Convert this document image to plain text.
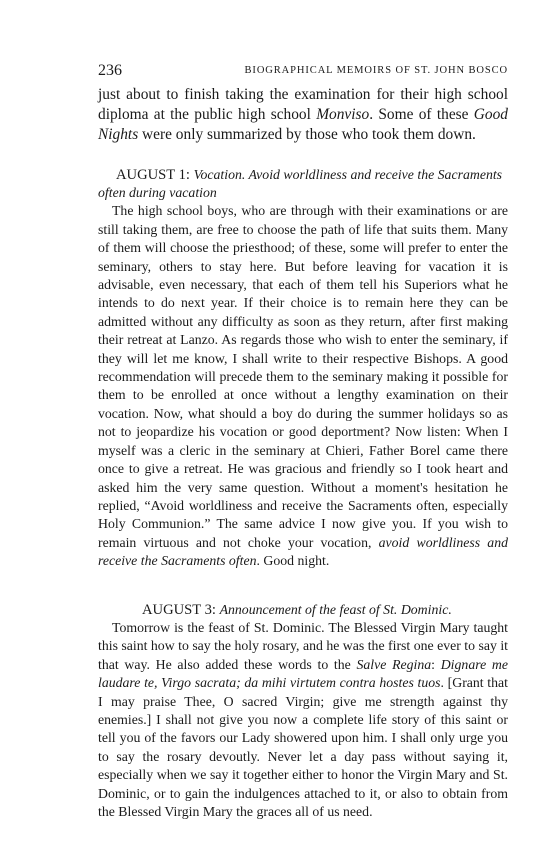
236	BIOGRAPHICAL MEMOIRS OF ST. JOHN BOSCO

just about to finish taking the examination for their high school diploma at the public high school Monviso. Some of these Good Nights were only summarized by those who took them down.

AUGUST 1: Vocation. Avoid worldliness and receive the Sacraments often during vacation

The high school boys, who are through with their examinations or are still taking them, are free to choose the path of life that suits them. Many of them will choose the priesthood; of these, some will prefer to enter the seminary, others to stay here. But before leaving for vacation it is advisable, even necessary, that each of them tell his Superiors what he intends to do next year. If their choice is to remain here they can be admitted without any difficulty as soon as they return, after first making their retreat at Lanzo. As regards those who wish to enter the seminary, if they will let me know, I shall write to their respective Bishops. A good recommendation will precede them to the seminary making it possible for them to be enrolled at once without a lengthy examination on their vocation. Now, what should a boy do during the summer holidays so as not to jeopardize his vocation or good deportment? Now listen: When I myself was a cleric in the seminary at Chieri, Father Borel came there once to give a retreat. He was gracious and friendly so I took heart and asked him the very same question. Without a moment's hesitation he replied, “Avoid worldliness and receive the Sacraments often, especially Holy Communion.” The same advice I now give you. If you wish to remain virtuous and not choke your vocation, avoid worldliness and receive the Sacraments often. Good night.

AUGUST 3: Announcement of the feast of St. Dominic.

Tomorrow is the feast of St. Dominic. The Blessed Virgin Mary taught this saint how to say the holy rosary, and he was the first one ever to say it that way. He also added these words to the Salve Regina: Dignare me laudare te, Virgo sacrata; da mihi virtutem contra hostes tuos. [Grant that I may praise Thee, O sacred Virgin; give me strength against thy enemies.] I shall not give you now a complete life story of this saint or tell you of the favors our Lady showered upon him. I shall only urge you to say the rosary devoutly. Never let a day pass without saying it, especially when we say it together either to honor the Virgin Mary and St. Dominic, or to gain the indulgences attached to it, or also to obtain from the Blessed Virgin Mary the graces all of us need.
